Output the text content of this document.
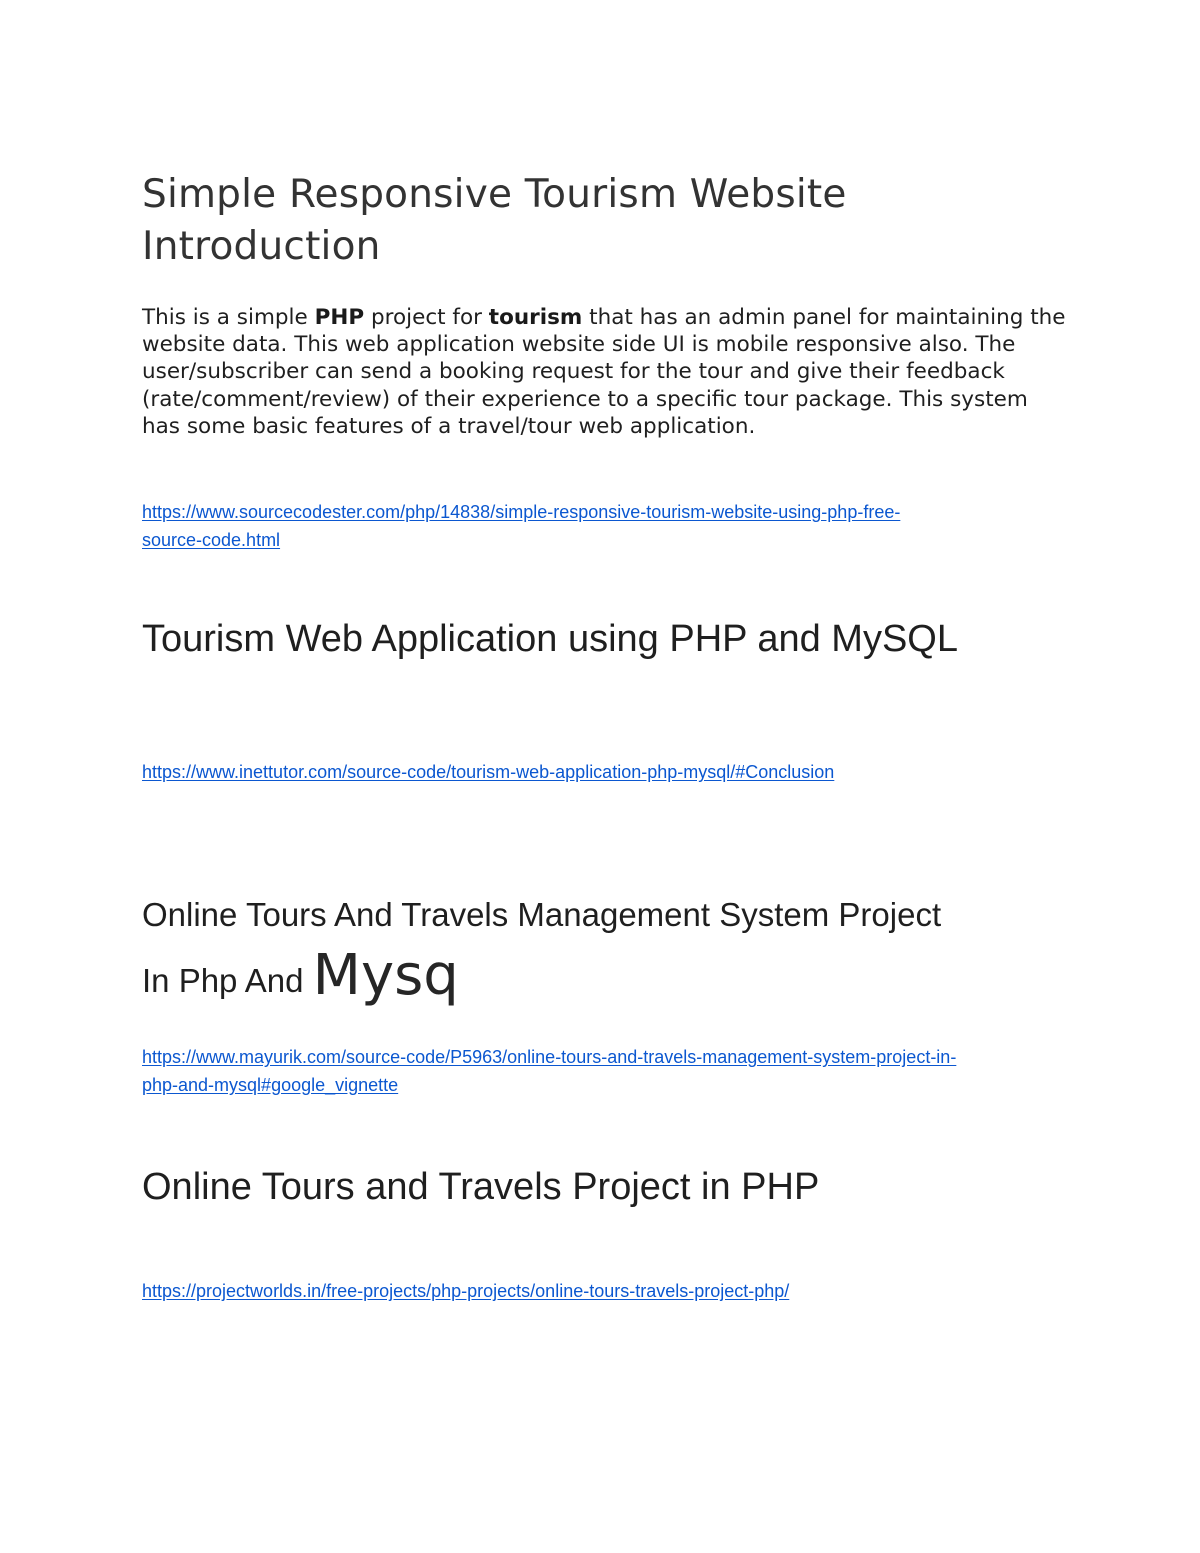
Simple Responsive Tourism Website
Introduction

This is a simple PHP project for tourism that has an admin panel for maintaining the website data. This web application website side UI is mobile responsive also. The user/subscriber can send a booking request for the tour and give their feedback (rate/comment/review) of their experience to a specific tour package. This system has some basic features of a travel/tour web application.

https://www.sourcecodester.com/php/14838/simple-responsive-tourism-website-using-php-free-
source-code.html
Tourism Web Application using PHP and MySQL
https://www.inettutor.com/source-code/tourism-web-application-php-mysql/#Conclusion
Online Tours And Travels Management System Project
In Php And Mysq
https://www.mayurik.com/source-code/P5963/online-tours-and-travels-management-system-project-in-
php-and-mysql#google_vignette
Online Tours and Travels Project in PHP
https://projectworlds.in/free-projects/php-projects/online-tours-travels-project-php/
